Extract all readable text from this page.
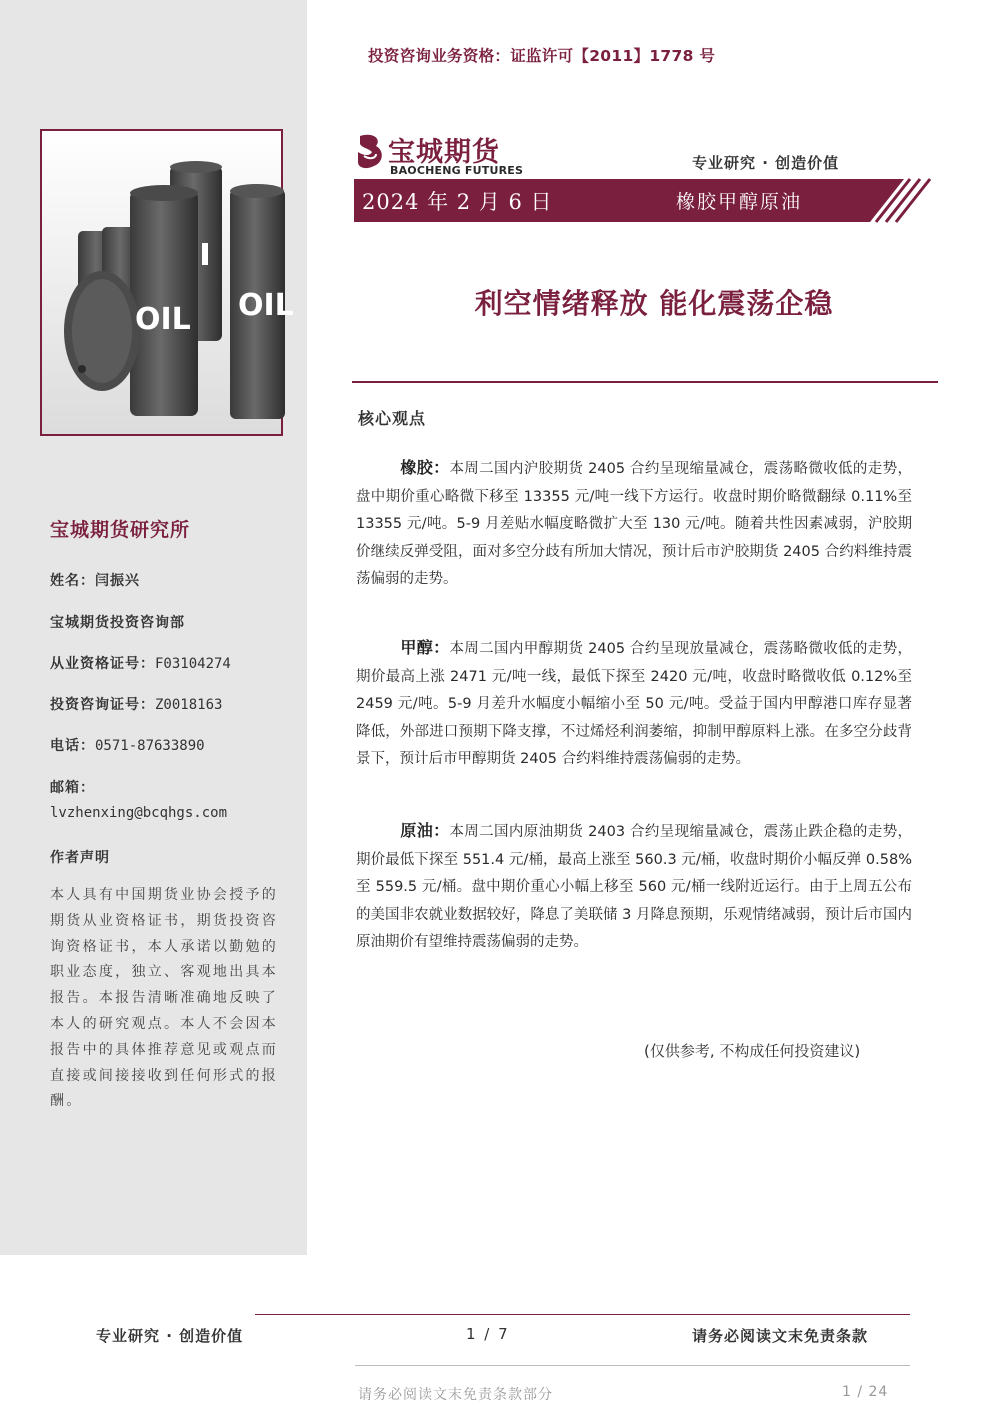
投资咨询业务资格：证监许可【2011】1778 号
OIL OIL
宝城期货
BAOCHENG FUTURES	专业研究 · 创造价值
2024 年 2 月 6 日	橡胶甲醇原油
利空情绪释放 能化震荡企稳
核心观点
橡胶：本周二国内沪胶期货 2405 合约呈现缩量减仓，震荡略微收低的走势，盘中期价重心略微下移至 13355 元/吨一线下方运行。收盘时期价略微翻绿 0.11%至 13355 元/吨。5-9 月差贴水幅度略微扩大至 130 元/吨。随着共性因素减弱，沪胶期价继续反弹受阻，面对多空分歧有所加大情况，预计后市沪胶期货 2405 合约料维持震荡偏弱的走势。
甲醇：本周二国内甲醇期货 2405 合约呈现放量减仓，震荡略微收低的走势，期价最高上涨 2471 元/吨一线，最低下探至 2420 元/吨，收盘时略微收低 0.12%至 2459 元/吨。5-9 月差升水幅度小幅缩小至 50 元/吨。受益于国内甲醇港口库存显著降低，外部进口预期下降支撑，不过烯烃利润萎缩，抑制甲醇原料上涨。在多空分歧背景下，预计后市甲醇期货 2405 合约料维持震荡偏弱的走势。
原油：本周二国内原油期货 2403 合约呈现缩量减仓，震荡止跌企稳的走势，期价最低下探至 551.4 元/桶，最高上涨至 560.3 元/桶，收盘时期价小幅反弹 0.58%至 559.5 元/桶。盘中期价重心小幅上移至 560 元/桶一线附近运行。由于上周五公布的美国非农就业数据较好，降息了美联储 3 月降息预期，乐观情绪减弱，预计后市国内原油期价有望维持震荡偏弱的走势。
(仅供参考, 不构成任何投资建议)
宝城期货研究所
姓名：闫振兴
宝城期货投资咨询部
从业资格证号：F03104274
投资咨询证号：Z0018163
电话：0571-87633890
邮箱：
lvzhenxing@bcqhgs.com
作者声明
本人具有中国期货业协会授予的期货从业资格证书，期货投资咨询资格证书，本人承诺以勤勉的职业态度，独立、客观地出具本报告。本报告清晰准确地反映了本人的研究观点。本人不会因本报告中的具体推荐意见或观点而直接或间接接收到任何形式的报酬。
专业研究 · 创造价值	1 / 7	请务必阅读文末免责条款
请务必阅读文末免责条款部分	1 / 24
